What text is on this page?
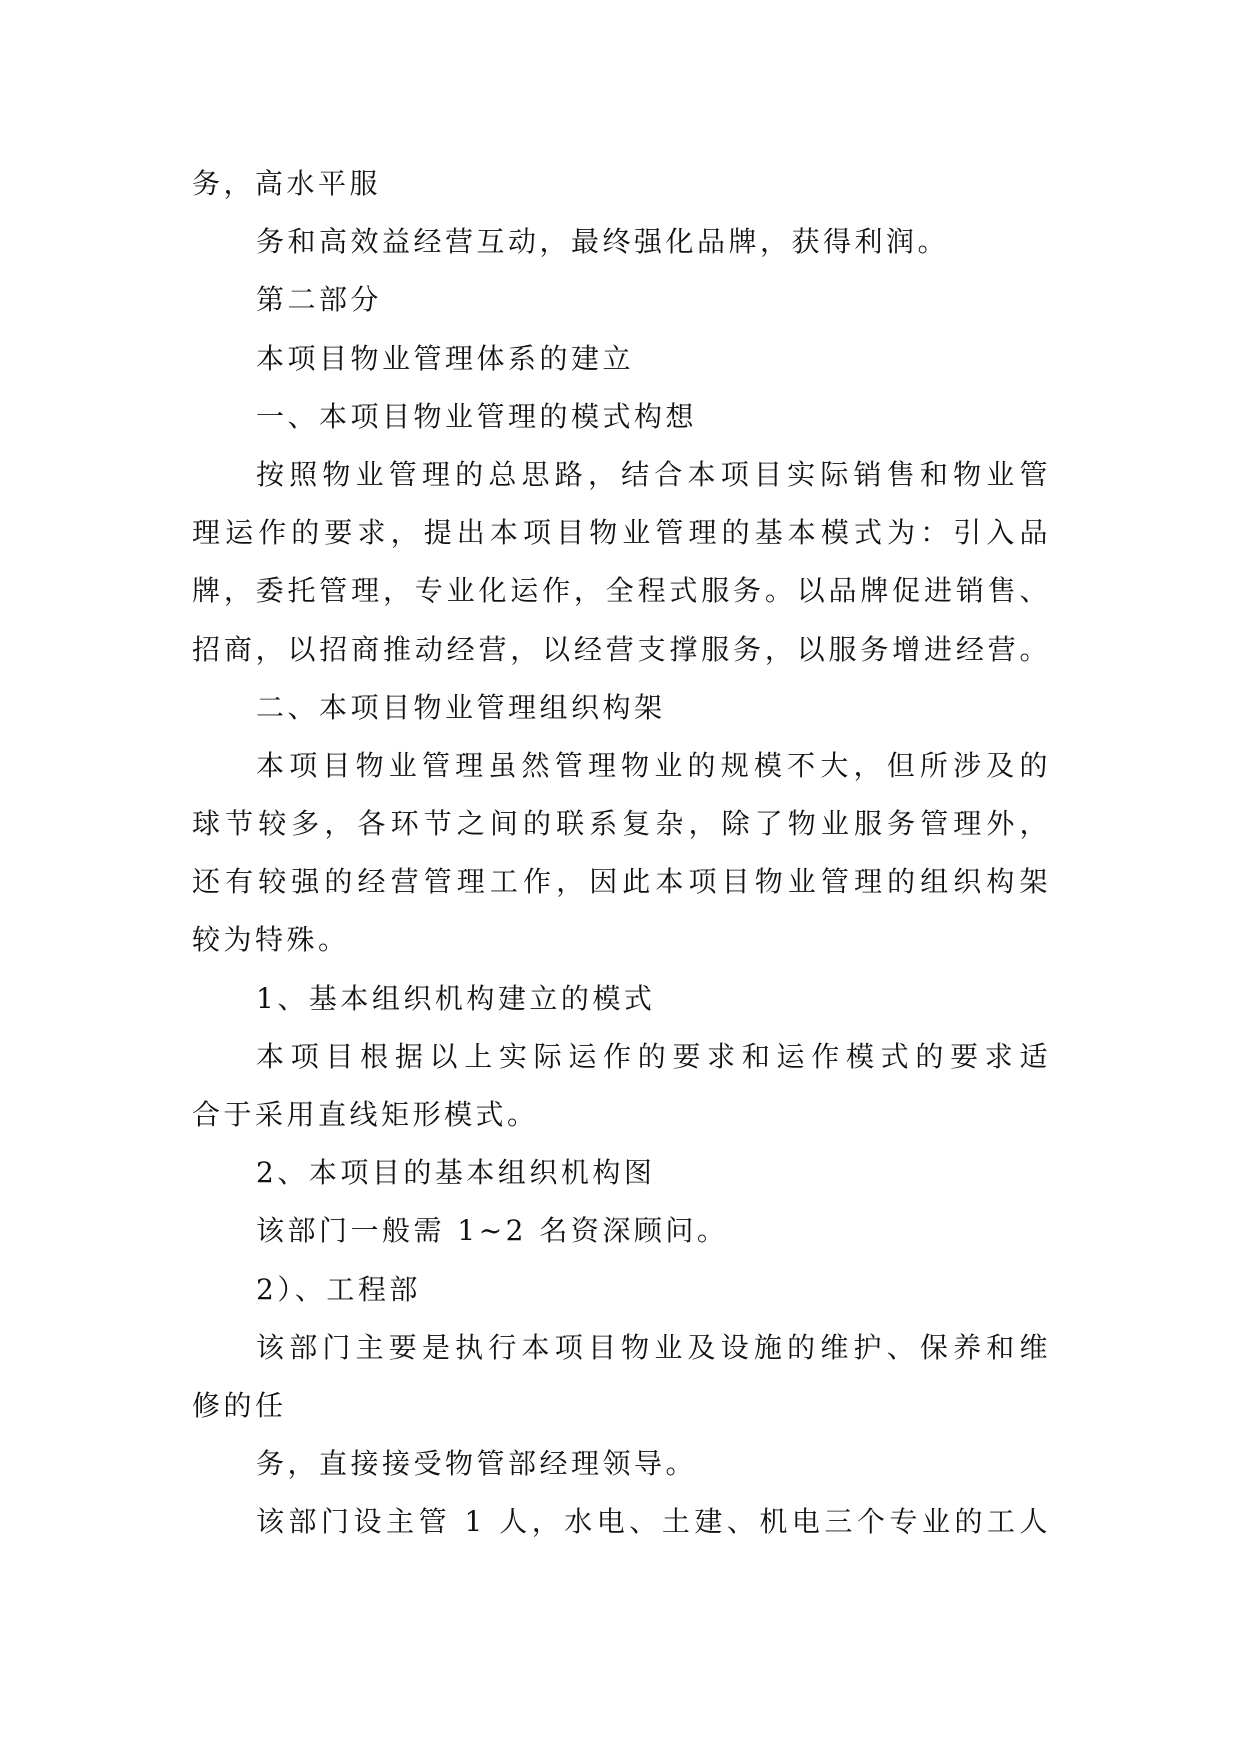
务，高水平服
务和高效益经营互动，最终强化品牌，获得利润。
第二部分
本项目物业管理体系的建立
一、本项目物业管理的模式构想
按照物业管理的总思路，结合本项目实际销售和物业管
理运作的要求，提出本项目物业管理的基本模式为：引入品
牌，委托管理，专业化运作，全程式服务。以品牌促进销售、
招商，以招商推动经营，以经营支撑服务，以服务增进经营。
二、本项目物业管理组织构架
本项目物业管理虽然管理物业的规模不大，但所涉及的
球节较多，各环节之间的联系复杂，除了物业服务管理外，
还有较强的经营管理工作，因此本项目物业管理的组织构架
较为特殊。
1、基本组织机构建立的模式
本项目根据以上实际运作的要求和运作模式的要求适
合于采用直线矩形模式。
2、本项目的基本组织机构图
该部门一般需 1~2 名资深顾问。
2）、工程部
该部门主要是执行本项目物业及设施的维护、保养和维
修的任
务，直接接受物管部经理领导。
该部门设主管 1 人，水电、土建、机电三个专业的工人
